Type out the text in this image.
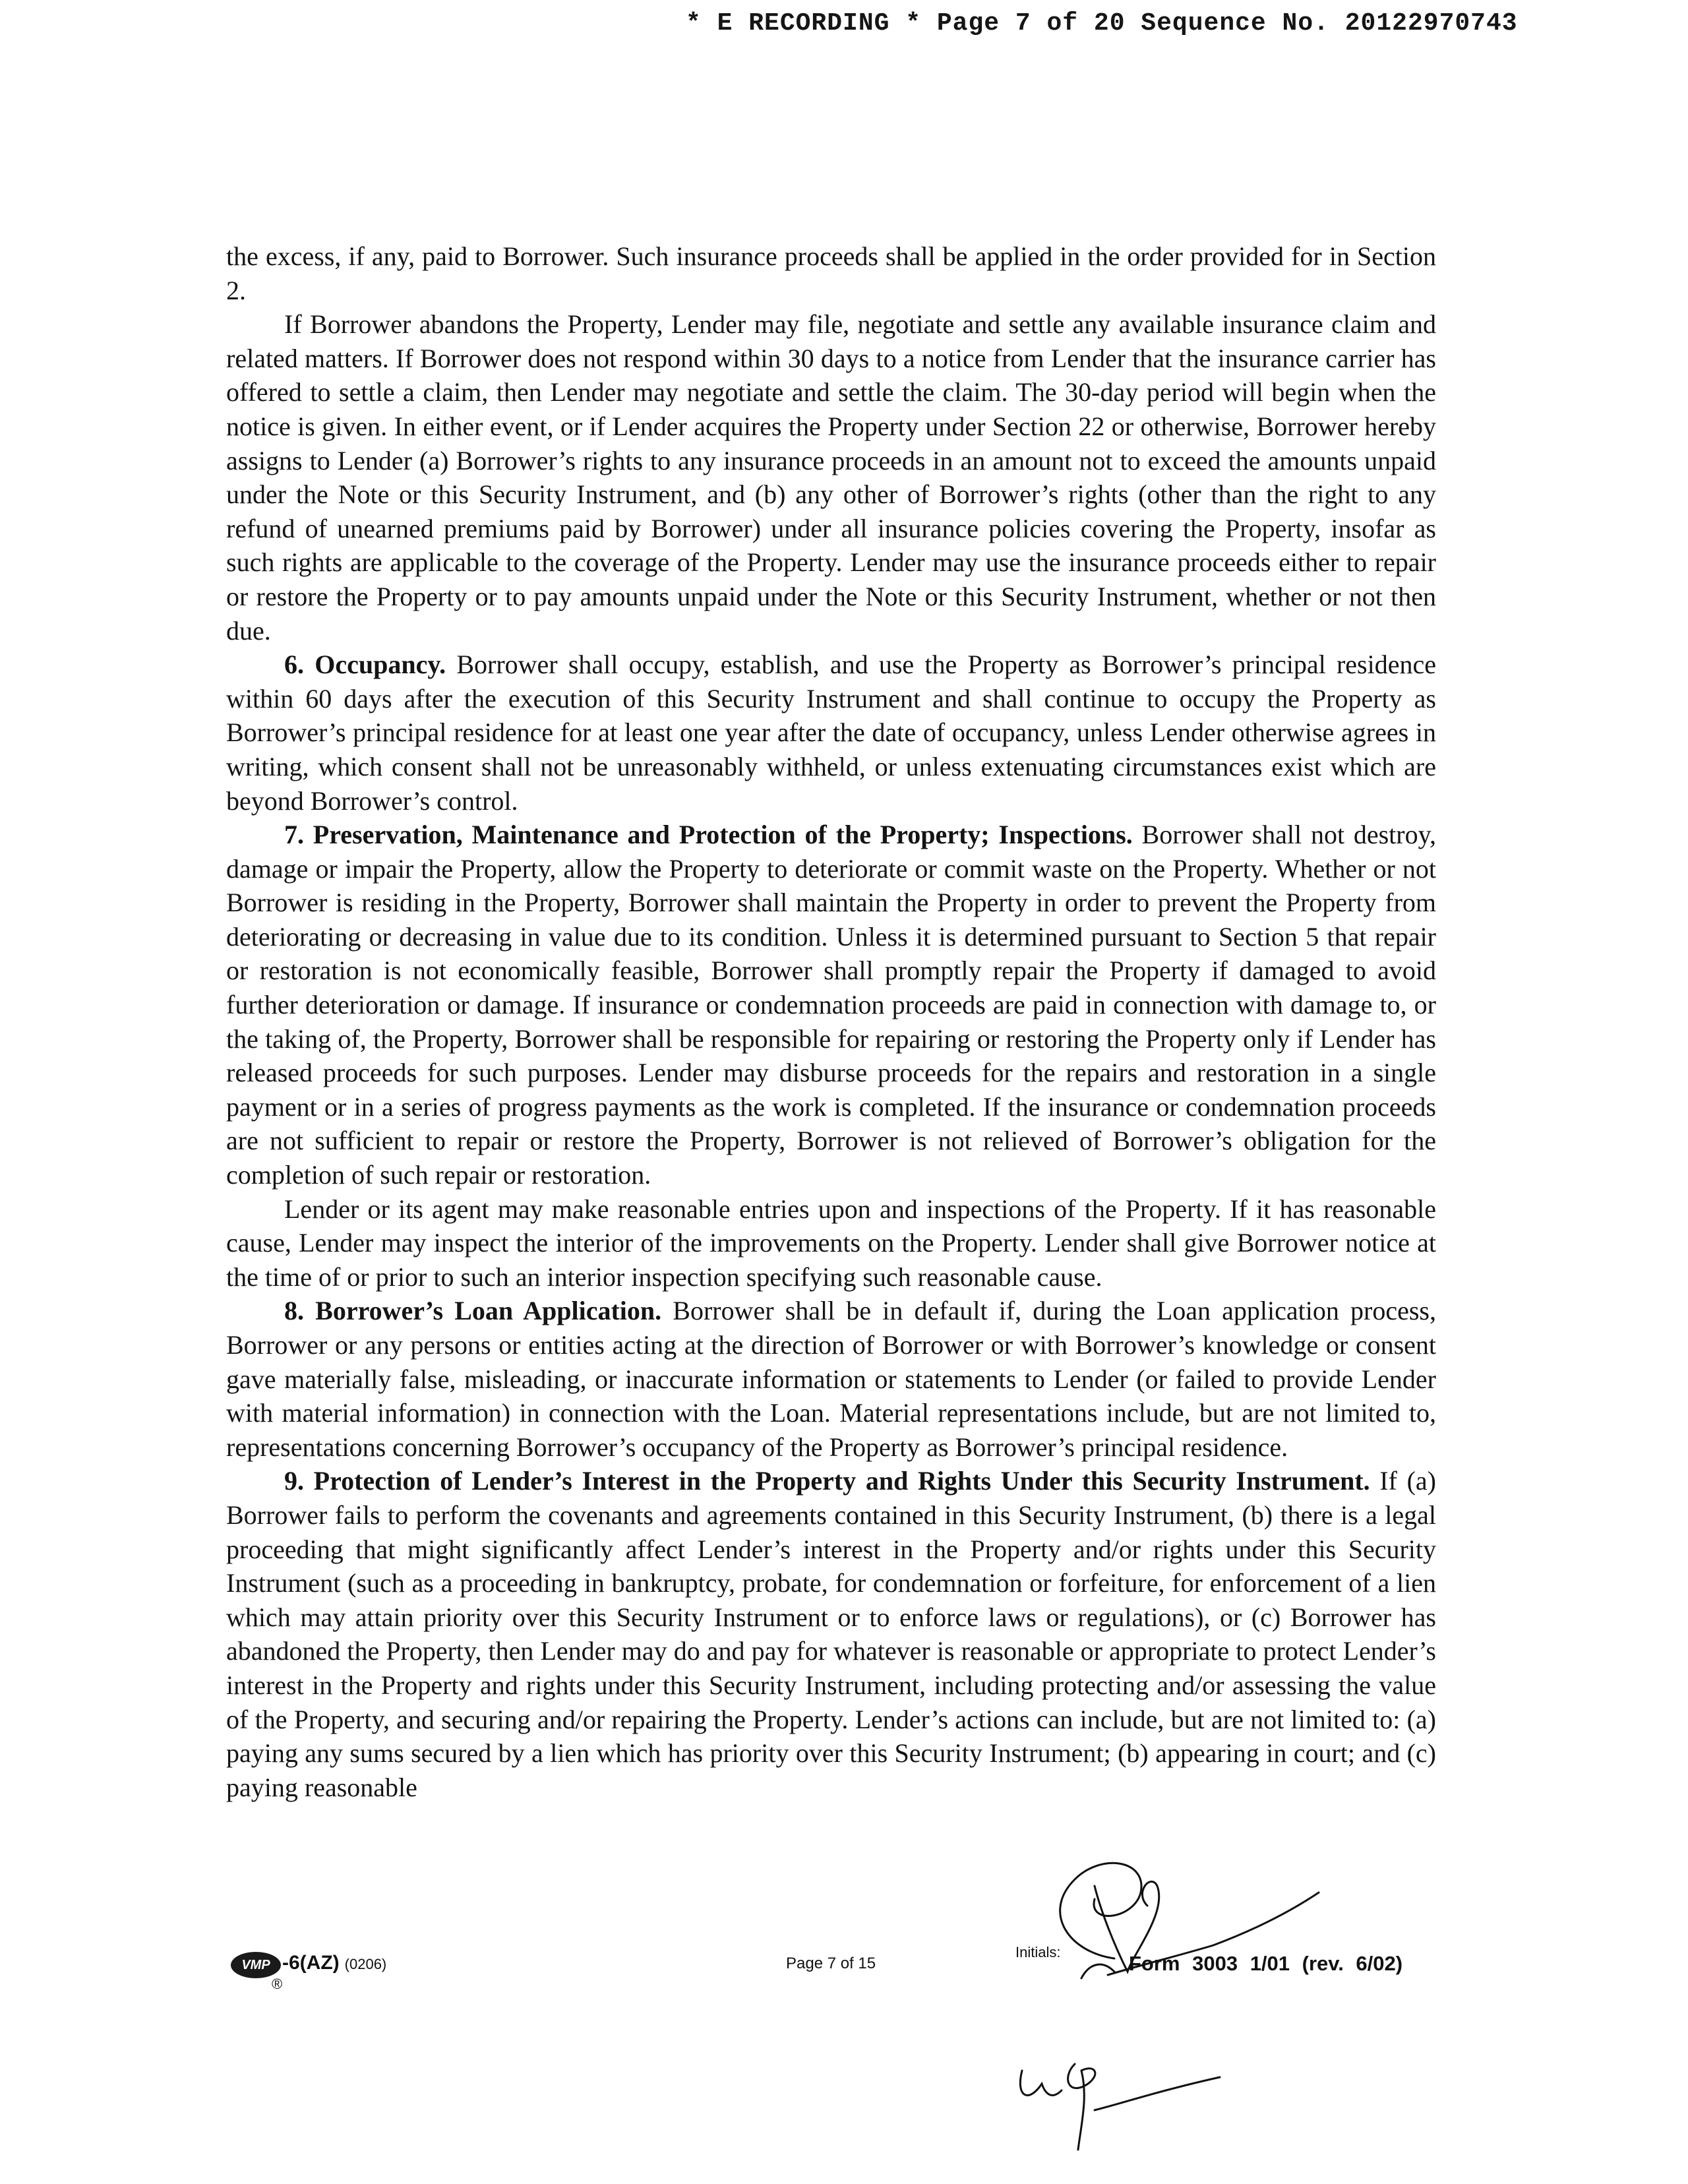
* E RECORDING * Page 7 of 20 Sequence No. 20122970743

the excess, if any, paid to Borrower. Such insurance proceeds shall be applied in the order provided for in Section 2.

If Borrower abandons the Property, Lender may file, negotiate and settle any available insurance claim and related matters. If Borrower does not respond within 30 days to a notice from Lender that the insurance carrier has offered to settle a claim, then Lender may negotiate and settle the claim. The 30-day period will begin when the notice is given. In either event, or if Lender acquires the Property under Section 22 or otherwise, Borrower hereby assigns to Lender (a) Borrower’s rights to any insurance proceeds in an amount not to exceed the amounts unpaid under the Note or this Security Instrument, and (b) any other of Borrower’s rights (other than the right to any refund of unearned premiums paid by Borrower) under all insurance policies covering the Property, insofar as such rights are applicable to the coverage of the Property. Lender may use the insurance proceeds either to repair or restore the Property or to pay amounts unpaid under the Note or this Security Instrument, whether or not then due.

6. Occupancy. Borrower shall occupy, establish, and use the Property as Borrower’s principal residence within 60 days after the execution of this Security Instrument and shall continue to occupy the Property as Borrower’s principal residence for at least one year after the date of occupancy, unless Lender otherwise agrees in writing, which consent shall not be unreasonably withheld, or unless extenuating circumstances exist which are beyond Borrower’s control.

7. Preservation, Maintenance and Protection of the Property; Inspections. Borrower shall not destroy, damage or impair the Property, allow the Property to deteriorate or commit waste on the Property. Whether or not Borrower is residing in the Property, Borrower shall maintain the Property in order to prevent the Property from deteriorating or decreasing in value due to its condition. Unless it is determined pursuant to Section 5 that repair or restoration is not economically feasible, Borrower shall promptly repair the Property if damaged to avoid further deterioration or damage. If insurance or condemnation proceeds are paid in connection with damage to, or the taking of, the Property, Borrower shall be responsible for repairing or restoring the Property only if Lender has released proceeds for such purposes. Lender may disburse proceeds for the repairs and restoration in a single payment or in a series of progress payments as the work is completed. If the insurance or condemnation proceeds are not sufficient to repair or restore the Property, Borrower is not relieved of Borrower’s obligation for the completion of such repair or restoration.

Lender or its agent may make reasonable entries upon and inspections of the Property. If it has reasonable cause, Lender may inspect the interior of the improvements on the Property. Lender shall give Borrower notice at the time of or prior to such an interior inspection specifying such reasonable cause.

8. Borrower’s Loan Application. Borrower shall be in default if, during the Loan application process, Borrower or any persons or entities acting at the direction of Borrower or with Borrower’s knowledge or consent gave materially false, misleading, or inaccurate information or statements to Lender (or failed to provide Lender with material information) in connection with the Loan. Material representations include, but are not limited to, representations concerning Borrower’s occupancy of the Property as Borrower’s principal residence.

9. Protection of Lender’s Interest in the Property and Rights Under this Security Instrument. If (a) Borrower fails to perform the covenants and agreements contained in this Security Instrument, (b) there is a legal proceeding that might significantly affect Lender’s interest in the Property and/or rights under this Security Instrument (such as a proceeding in bankruptcy, probate, for condemnation or forfeiture, for enforcement of a lien which may attain priority over this Security Instrument or to enforce laws or regulations), or (c) Borrower has abandoned the Property, then Lender may do and pay for whatever is reasonable or appropriate to protect Lender’s interest in the Property and rights under this Security Instrument, including protecting and/or assessing the value of the Property, and securing and/or repairing the Property. Lender’s actions can include, but are not limited to: (a) paying any sums secured by a lien which has priority over this Security Instrument; (b) appearing in court; and (c) paying reasonable

VMP
®
-6(AZ) (0206)	Page 7 of 15
Initials:	Form 3003 1/01 (rev. 6/02)
